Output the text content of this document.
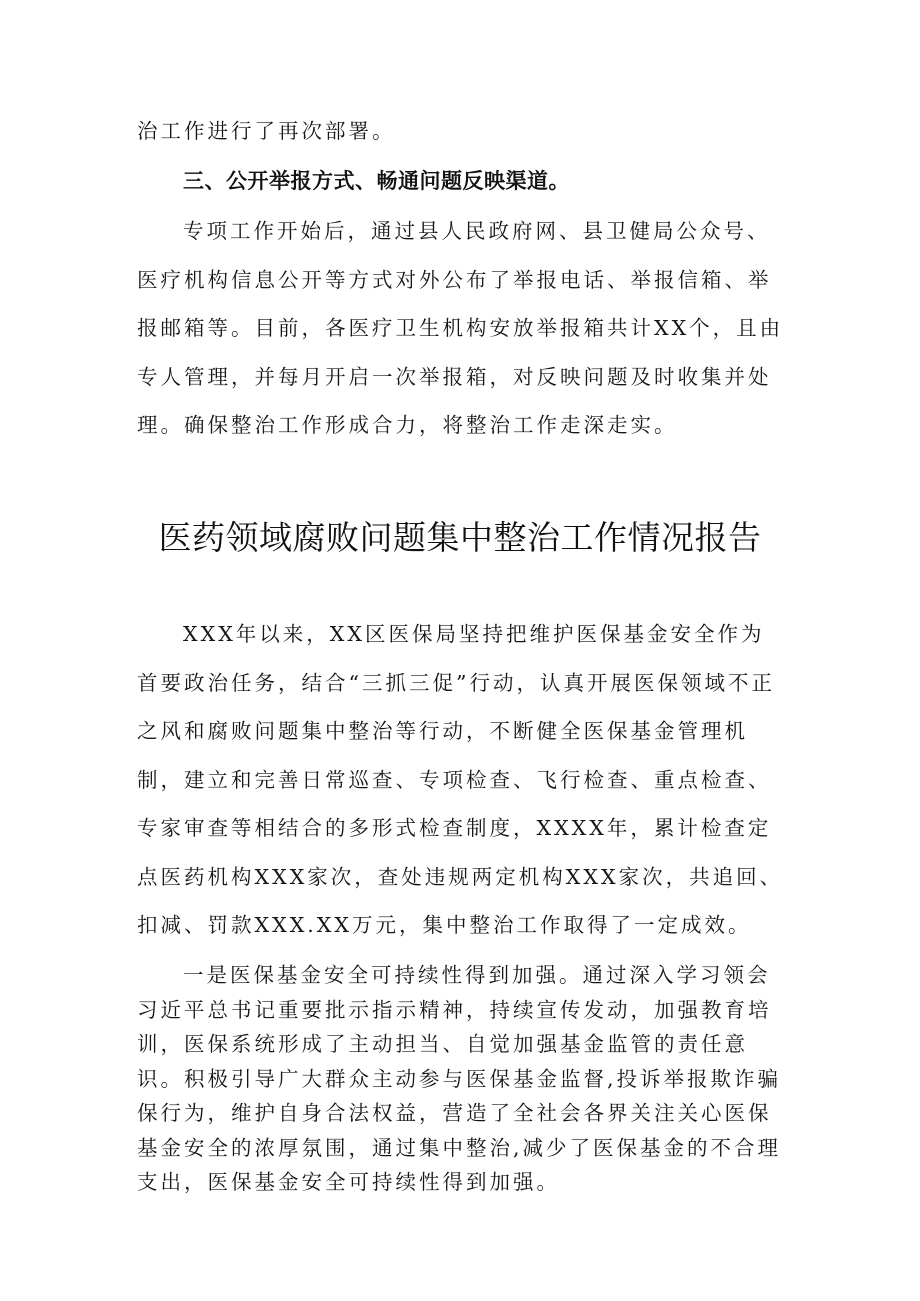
治工作进行了再次部署。
三、公开举报方式、畅通问题反映渠道。
专项工作开始后，通过县人民政府网、县卫健局公众号、医疗机构信息公开等方式对外公布了举报电话、举报信箱、举报邮箱等。目前，各医疗卫生机构安放举报箱共计XX个，且由专人管理，并每月开启一次举报箱，对反映问题及时收集并处理。确保整治工作形成合力，将整治工作走深走实。
医药领域腐败问题集中整治工作情况报告
XXX年以来，XX区医保局坚持把维护医保基金安全作为首要政治任务，结合“三抓三促”行动，认真开展医保领域不正之风和腐败问题集中整治等行动，不断健全医保基金管理机制，建立和完善日常巡查、专项检查、飞行检查、重点检查、专家审查等相结合的多形式检查制度，XXXX年，累计检查定点医药机构XXX家次，查处违规两定机构XXX家次，共追回、扣减、罚款XXX.XX万元，集中整治工作取得了一定成效。
一是医保基金安全可持续性得到加强。通过深入学习领会习近平总书记重要批示指示精神，持续宣传发动，加强教育培训，医保系统形成了主动担当、自觉加强基金监管的责任意识。积极引导广大群众主动参与医保基金监督,投诉举报欺诈骗保行为，维护自身合法权益，营造了全社会各界关注关心医保基金安全的浓厚氛围，通过集中整治,减少了医保基金的不合理支出，医保基金安全可持续性得到加强。
